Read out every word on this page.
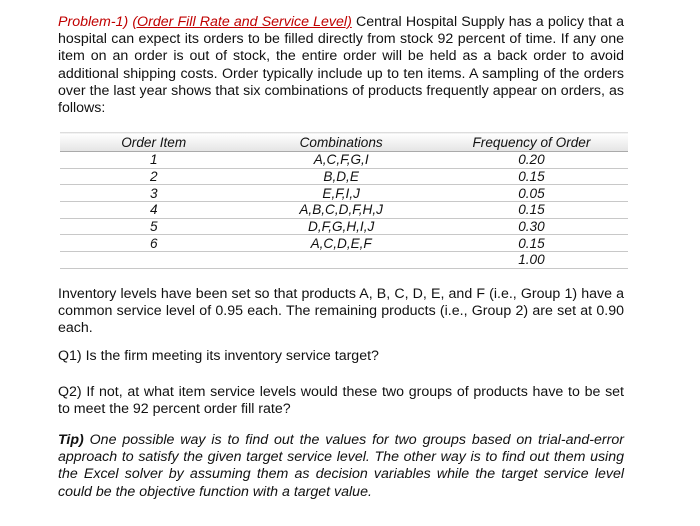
Problem-1) (Order Fill Rate and Service Level) Central Hospital Supply has a policy that a hospital can expect its orders to be filled directly from stock 92 percent of time. If any one item on an order is out of stock, the entire order will be held as a back order to avoid additional shipping costs. Order typically include up to ten items. A sampling of the orders over the last year shows that six combinations of products frequently appear on orders, as follows:
Order Item	Combinations	Frequency of Order
1	A,C,F,G,I	0.20
2	B,D,E	0.15
3	E,F,I,J	0.05
4	A,B,C,D,F,H,J	0.15
5	D,F,G,H,I,J	0.30
6	A,C,D,E,F	0.15
		1.00
Inventory levels have been set so that products A, B, C, D, E, and F (i.e., Group 1) have a common service level of 0.95 each. The remaining products (i.e., Group 2) are set at 0.90 each.
Q1) Is the firm meeting its inventory service target?
Q2) If not, at what item service levels would these two groups of products have to be set to meet the 92 percent order fill rate?
Tip) One possible way is to find out the values for two groups based on trial-and-error approach to satisfy the given target service level. The other way is to find out them using the Excel solver by assuming them as decision variables while the target service level could be the objective function with a target value.
